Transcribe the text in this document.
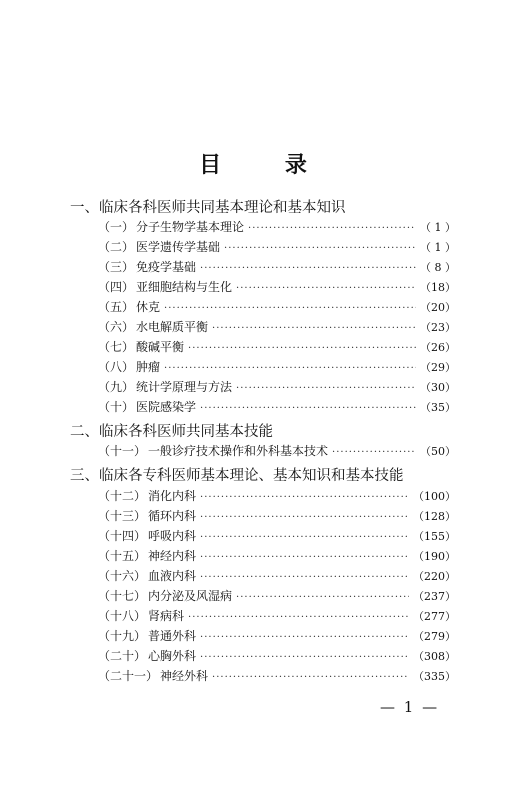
目 录
一、临床各科医师共同基本理论和基本知识
（一） 分子生物学基本理论 ·····	（ 1 ）
（二） 医学遗传学基础 ·····	（ 1 ）
（三） 免疫学基础 ·····	（ 8 ）
（四） 亚细胞结构与生化 ·····	（18）
（五） 休克 ·····	（20）
（六） 水电解质平衡 ·····	（23）
（七） 酸碱平衡 ·····	（26）
（八） 肿瘤 ·····	（29）
（九） 统计学原理与方法 ·····	（30）
（十） 医院感染学 ·····	（35）
二、临床各科医师共同基本技能
（十一） 一般诊疗技术操作和外科基本技术 ·····	（50）
三、临床各专科医师基本理论、基本知识和基本技能
（十二） 消化内科 ·····	（100）
（十三） 循环内科 ·····	（128）
（十四） 呼吸内科 ·····	（155）
（十五） 神经内科 ·····	（190）
（十六） 血液内科 ·····	（220）
（十七） 内分泌及风湿病 ·····	（237）
（十八） 肾病科 ·····	（277）
（十九） 普通外科 ·····	（279）
（二十） 心胸外科 ·····	（308）
（二十一） 神经外科 ·····	（335）
— 1 —
